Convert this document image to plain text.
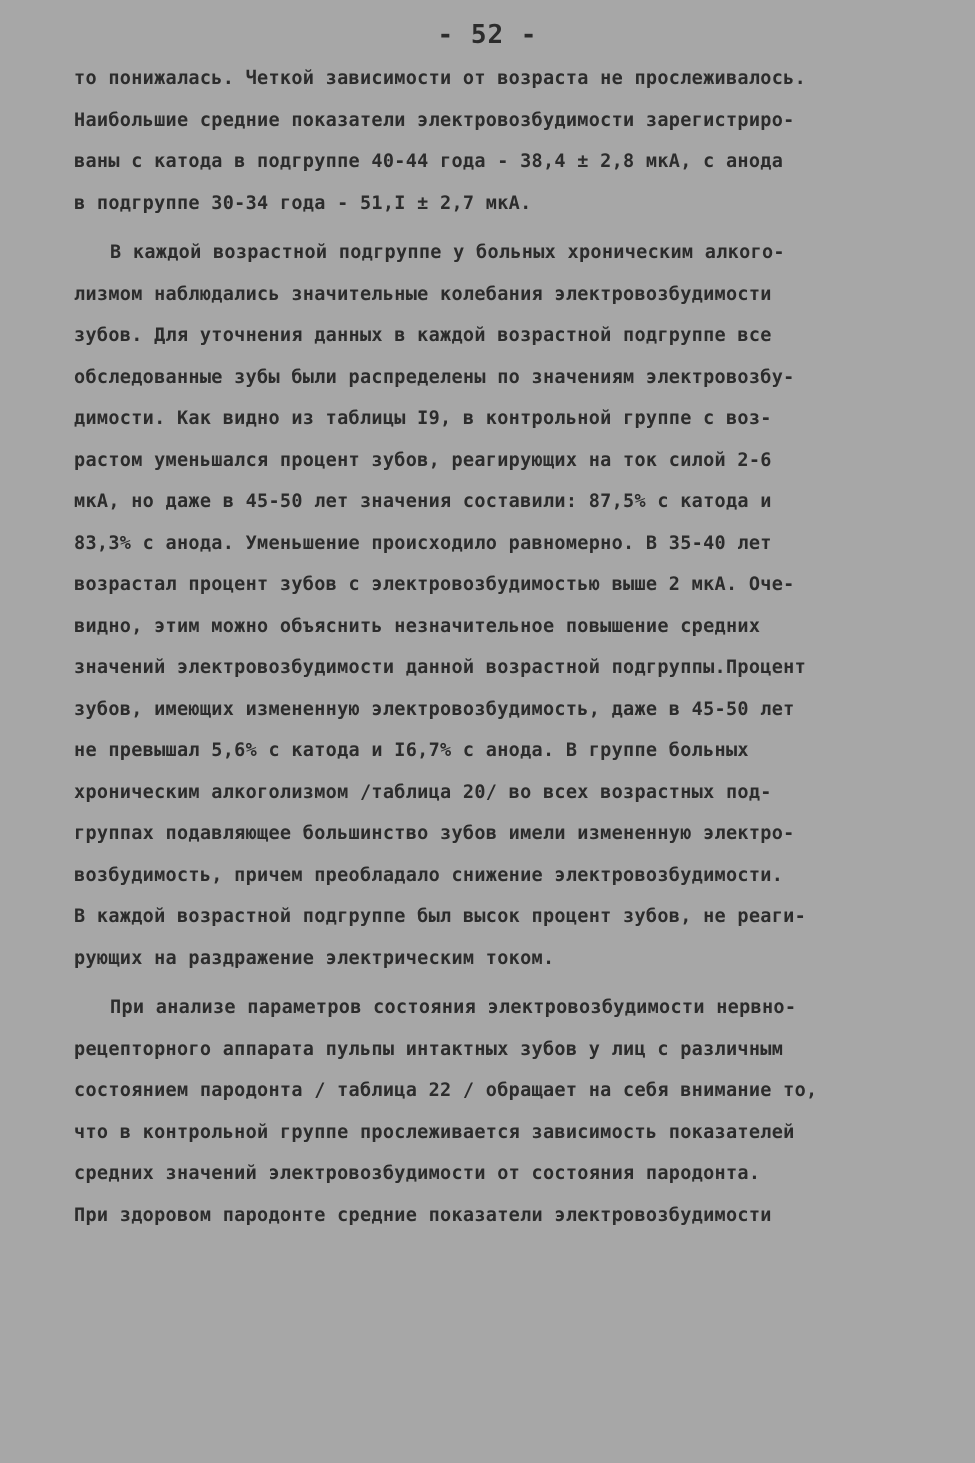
- 52 -
то понижалась. Четкой зависимости от возраста не прослеживалось.
Наибольшие средние показатели электровозбудимости зарегистриро-
ваны с катода в подгруппе 40-44 года - 38,4 ± 2,8 мкА, с анода
в подгруппе 30-34 года - 51,I ± 2,7 мкА.
В каждой возрастной подгруппе у больных хроническим алкого-
лизмом наблюдались значительные колебания электровозбудимости
зубов. Для уточнения данных в каждой возрастной подгруппе все
обследованные зубы были распределены по значениям электровозбу-
димости. Как видно из таблицы I9, в контрольной группе с воз-
растом уменьшался процент зубов, реагирующих на ток силой 2-6
мкА, но даже в 45-50 лет значения составили: 87,5% с катода и
83,3% с анода. Уменьшение происходило равномерно. В 35-40 лет
возрастал процент зубов с электровозбудимостью выше 2 мкА. Оче-
видно, этим можно объяснить незначительное повышение средних
значений электровозбудимости данной возрастной подгруппы.Процент
зубов, имеющих измененную электровозбудимость, даже в 45-50 лет
не превышал 5,6% с катода и I6,7% с анода. В группе больных
хроническим алкоголизмом /таблица 20/ во всех возрастных под-
группах подавляющее большинство зубов имели измененную электро-
возбудимость, причем преобладало снижение электровозбудимости.
В каждой возрастной подгруппе был высок процент зубов, не реаги-
рующих на раздражение электрическим током.
При анализе параметров состояния электровозбудимости нервно-
рецепторного аппарата пульпы интактных зубов у лиц с различным
состоянием пародонта / таблица 22 / обращает на себя внимание то,
что в контрольной группе прослеживается зависимость показателей
средних значений электровозбудимости от состояния пародонта.
При здоровом пародонте средние показатели электровозбудимости
